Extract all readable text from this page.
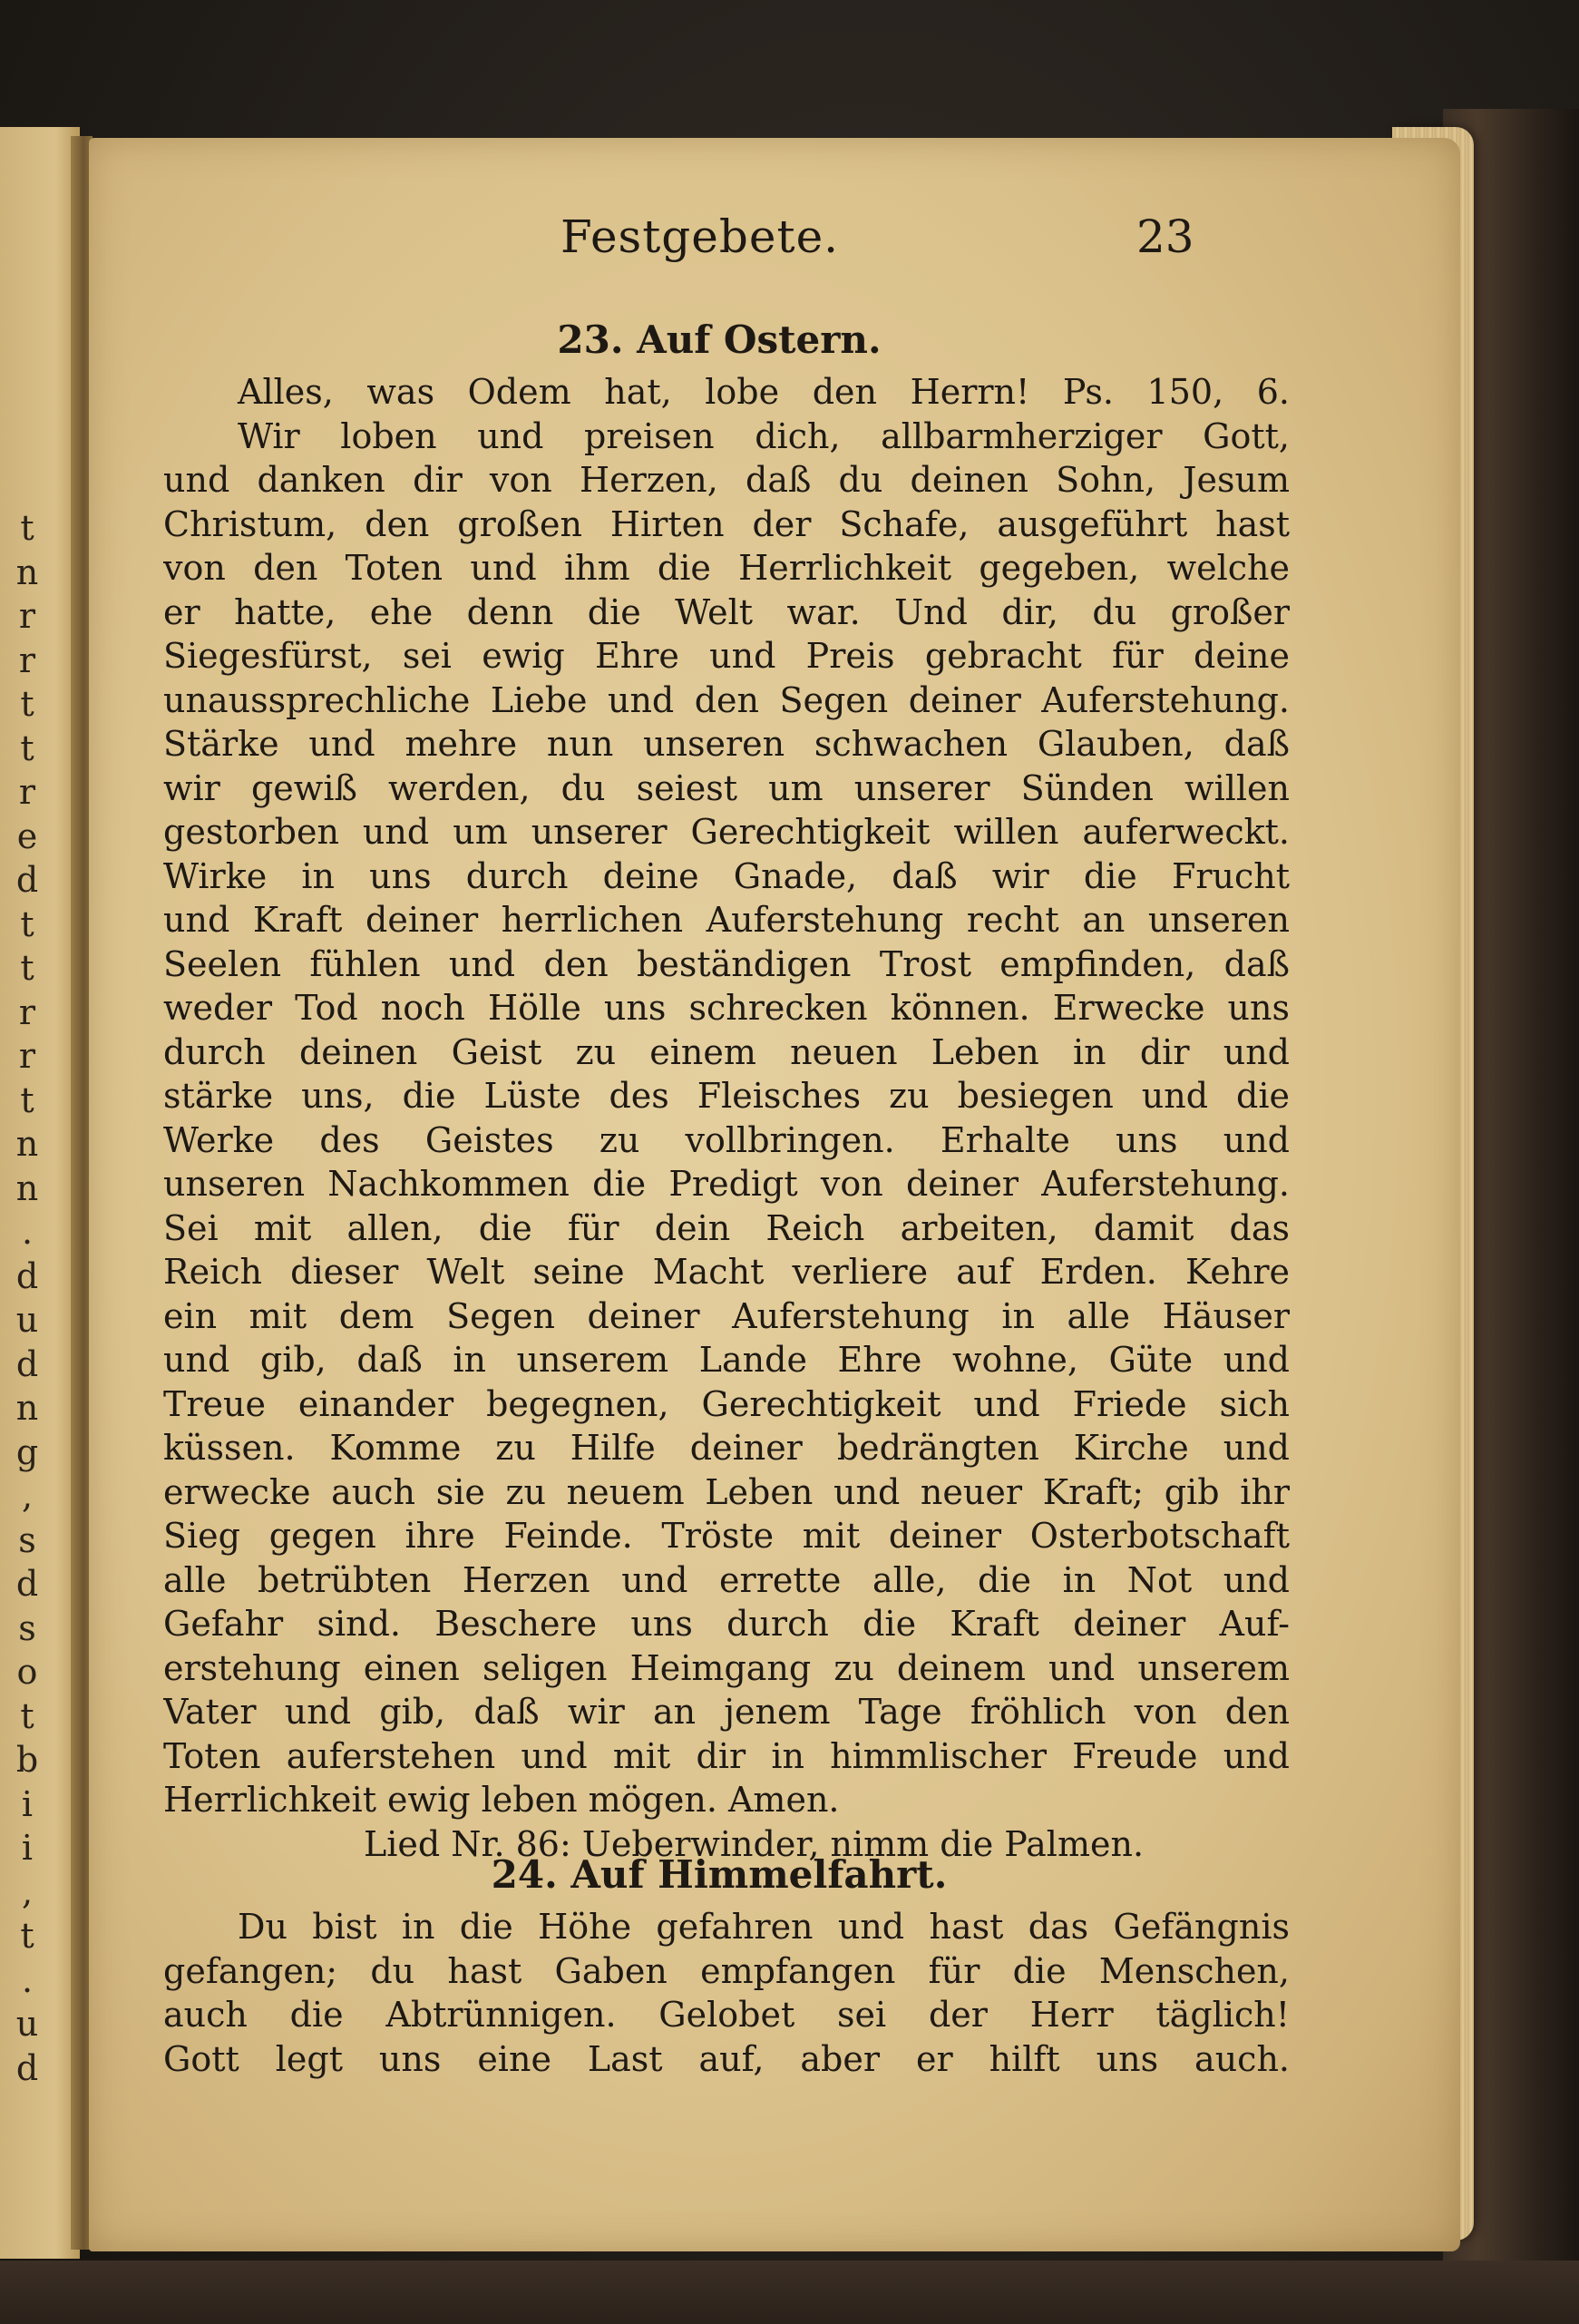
t
n
r
r
t
t
r
e
d
t
t
r
r
t
n
n
.
d
u
d
n
g
,
s
d
s
o
t
b
i
i
,
t
.
u
d
Festgebete.	23
23. Auf Ostern.
Alles, was Odem hat, lobe den Herrn! Ps. 150, 6.
Wir loben und preisen dich, allbarmherziger Gott,
und danken dir von Herzen, daß du deinen Sohn, Jesum
Christum, den großen Hirten der Schafe, ausgeführt hast
von den Toten und ihm die Herrlichkeit gegeben, welche
er hatte, ehe denn die Welt war. Und dir, du großer
Siegesfürst, sei ewig Ehre und Preis gebracht für deine
unaussprechliche Liebe und den Segen deiner Auferstehung.
Stärke und mehre nun unseren schwachen Glauben, daß
wir gewiß werden, du seiest um unserer Sünden willen
gestorben und um unserer Gerechtigkeit willen auferweckt.
Wirke in uns durch deine Gnade, daß wir die Frucht
und Kraft deiner herrlichen Auferstehung recht an unseren
Seelen fühlen und den beständigen Trost empfinden, daß
weder Tod noch Hölle uns schrecken können. Erwecke uns
durch deinen Geist zu einem neuen Leben in dir und
stärke uns, die Lüste des Fleisches zu besiegen und die
Werke des Geistes zu vollbringen. Erhalte uns und
unseren Nachkommen die Predigt von deiner Auferstehung.
Sei mit allen, die für dein Reich arbeiten, damit das
Reich dieser Welt seine Macht verliere auf Erden. Kehre
ein mit dem Segen deiner Auferstehung in alle Häuser
und gib, daß in unserem Lande Ehre wohne, Güte und
Treue einander begegnen, Gerechtigkeit und Friede sich
küssen. Komme zu Hilfe deiner bedrängten Kirche und
erwecke auch sie zu neuem Leben und neuer Kraft; gib ihr
Sieg gegen ihre Feinde. Tröste mit deiner Osterbotschaft
alle betrübten Herzen und errette alle, die in Not und
Gefahr sind. Beschere uns durch die Kraft deiner Auf-
erstehung einen seligen Heimgang zu deinem und unserem
Vater und gib, daß wir an jenem Tage fröhlich von den
Toten auferstehen und mit dir in himmlischer Freude und
Herrlichkeit ewig leben mögen. Amen.
Lied Nr. 86: Ueberwinder, nimm die Palmen.
24. Auf Himmelfahrt.
Du bist in die Höhe gefahren und hast das Gefängnis
gefangen; du hast Gaben empfangen für die Menschen,
auch die Abtrünnigen. Gelobet sei der Herr täglich!
Gott legt uns eine Last auf, aber er hilft uns auch.
